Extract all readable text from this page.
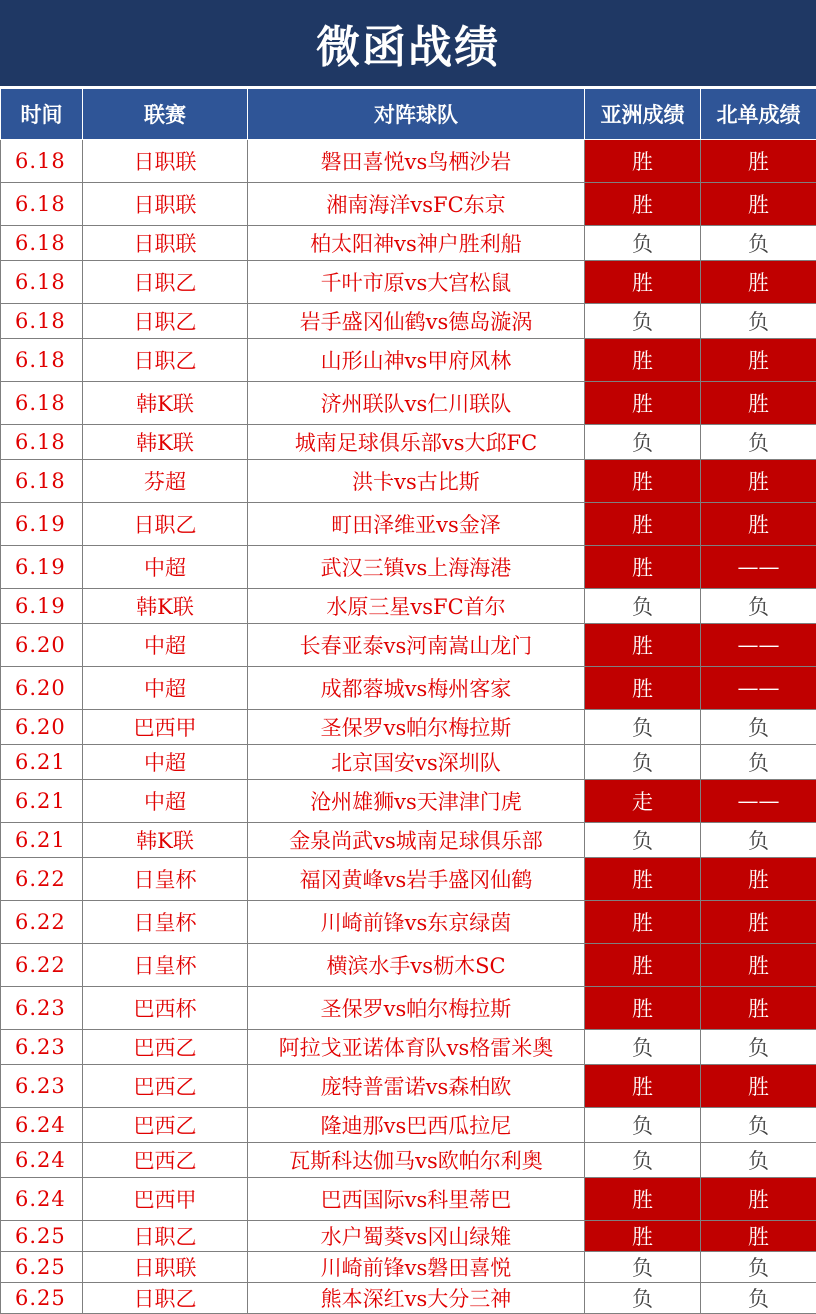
微函战绩
时间	联赛	对阵球队	亚洲成绩	北单成绩
6.18	日职联	磐田喜悦vs鸟栖沙岩	胜	胜
6.18	日职联	湘南海洋vsFC东京	胜	胜
6.18	日职联	柏太阳神vs神户胜利船	负	负
6.18	日职乙	千叶市原vs大宫松鼠	胜	胜
6.18	日职乙	岩手盛冈仙鹤vs德岛漩涡	负	负
6.18	日职乙	山形山神vs甲府风林	胜	胜
6.18	韩K联	济州联队vs仁川联队	胜	胜
6.18	韩K联	城南足球俱乐部vs大邱FC	负	负
6.18	芬超	洪卡vs古比斯	胜	胜
6.19	日职乙	町田泽维亚vs金泽	胜	胜
6.19	中超	武汉三镇vs上海海港	胜	——
6.19	韩K联	水原三星vsFC首尔	负	负
6.20	中超	长春亚泰vs河南嵩山龙门	胜	——
6.20	中超	成都蓉城vs梅州客家	胜	——
6.20	巴西甲	圣保罗vs帕尔梅拉斯	负	负
6.21	中超	北京国安vs深圳队	负	负
6.21	中超	沧州雄狮vs天津津门虎	走	——
6.21	韩K联	金泉尚武vs城南足球俱乐部	负	负
6.22	日皇杯	福冈黄峰vs岩手盛冈仙鹤	胜	胜
6.22	日皇杯	川崎前锋vs东京绿茵	胜	胜
6.22	日皇杯	横滨水手vs枥木SC	胜	胜
6.23	巴西杯	圣保罗vs帕尔梅拉斯	胜	胜
6.23	巴西乙	阿拉戈亚诺体育队vs格雷米奥	负	负
6.23	巴西乙	庞特普雷诺vs森柏欧	胜	胜
6.24	巴西乙	隆迪那vs巴西瓜拉尼	负	负
6.24	巴西乙	瓦斯科达伽马vs欧帕尔利奥	负	负
6.24	巴西甲	巴西国际vs科里蒂巴	胜	胜
6.25	日职乙	水户蜀葵vs冈山绿雉	胜	胜
6.25	日职联	川崎前锋vs磐田喜悦	负	负
6.25	日职乙	熊本深红vs大分三神	负	负
